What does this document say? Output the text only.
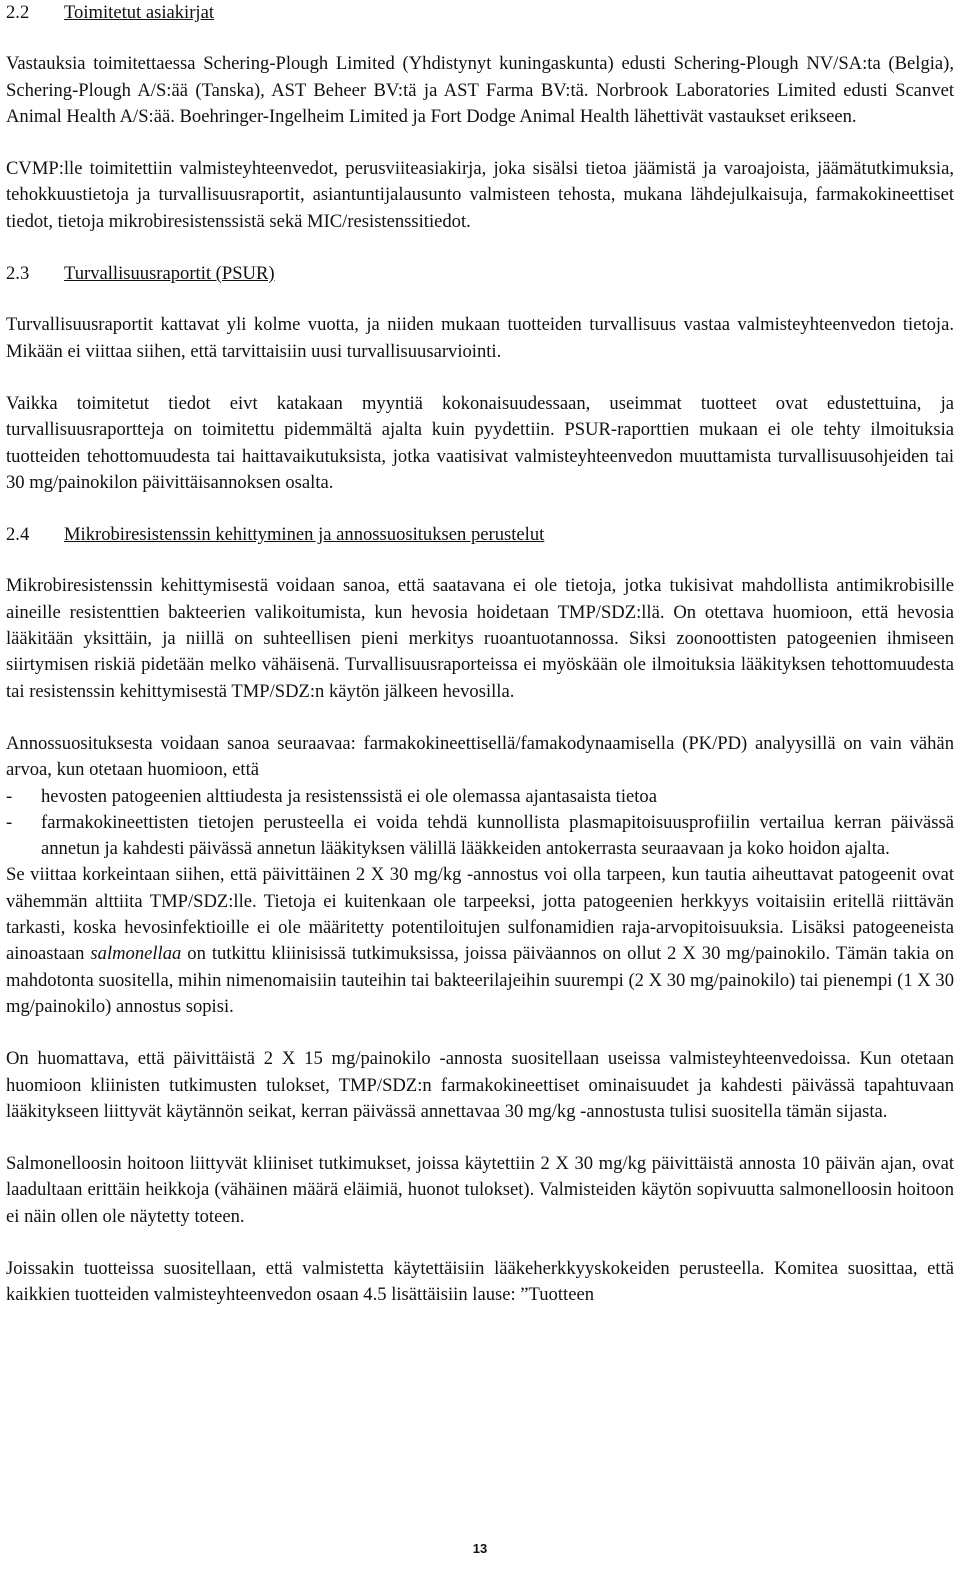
2.2 Toimitetut asiakirjat

Vastauksia toimitettaessa Schering-Plough Limited (Yhdistynyt kuningaskunta) edusti Schering-Plough NV/SA:ta (Belgia), Schering-Plough A/S:ää (Tanska), AST Beheer BV:tä ja AST Farma BV:tä. Norbrook Laboratories Limited edusti Scanvet Animal Health A/S:ää. Boehringer-Ingelheim Limited ja Fort Dodge Animal Health lähettivät vastaukset erikseen.

CVMP:lle toimitettiin valmisteyhteenvedot, perusviiteasiakirja, joka sisälsi tietoa jäämistä ja varoajoista, jäämätutkimuksia, tehokkuustietoja ja turvallisuusraportit, asiantuntijalausunto valmisteen tehosta, mukana lähdejulkaisuja, farmakokineettiset tiedot, tietoja mikrobiresistenssistä sekä MIC/resistenssitiedot.

2.3 Turvallisuusraportit (PSUR)

Turvallisuusraportit kattavat yli kolme vuotta, ja niiden mukaan tuotteiden turvallisuus vastaa valmisteyhteenvedon tietoja. Mikään ei viittaa siihen, että tarvittaisiin uusi turvallisuusarviointi.

Vaikka toimitetut tiedot eivt katakaan myyntiä kokonaisuudessaan, useimmat tuotteet ovat edustettuina, ja turvallisuusraportteja on toimitettu pidemmältä ajalta kuin pyydettiin. PSUR-raporttien mukaan ei ole tehty ilmoituksia tuotteiden tehottomuudesta tai haittavaikutuksista, jotka vaatisivat valmisteyhteenvedon muuttamista turvallisuusohjeiden tai 30 mg/painokilon päivittäisannoksen osalta.

2.4 Mikrobiresistenssin kehittyminen ja annossuosituksen perustelut

Mikrobiresistenssin kehittymisestä voidaan sanoa, että saatavana ei ole tietoja, jotka tukisivat mahdollista antimikrobisille aineille resistenttien bakteerien valikoitumista, kun hevosia hoidetaan TMP/SDZ:llä. On otettava huomioon, että hevosia lääkitään yksittäin, ja niillä on suhteellisen pieni merkitys ruoantuotannossa. Siksi zoonoottisten patogeenien ihmiseen siirtymisen riskiä pidetään melko vähäisenä. Turvallisuusraporteissa ei myöskään ole ilmoituksia lääkityksen tehottomuudesta tai resistenssin kehittymisestä TMP/SDZ:n käytön jälkeen hevosilla.

Annossuosituksesta voidaan sanoa seuraavaa: farmakokineettisellä/famakodynaamisella (PK/PD) analyysillä on vain vähän arvoa, kun otetaan huomioon, että

- hevosten patogeenien alttiudesta ja resistenssistä ei ole olemassa ajantasaista tietoa
- farmakokineettisten tietojen perusteella ei voida tehdä kunnollista plasmapitoisuusprofiilin vertailua kerran päivässä annetun ja kahdesti päivässä annetun lääkityksen välillä lääkkeiden antokerrasta seuraavaan ja koko hoidon ajalta.

Se viittaa korkeintaan siihen, että päivittäinen 2 X 30 mg/kg -annostus voi olla tarpeen, kun tautia aiheuttavat patogeenit ovat vähemmän alttiita TMP/SDZ:lle. Tietoja ei kuitenkaan ole tarpeeksi, jotta patogeenien herkkyys voitaisiin eritellä riittävän tarkasti, koska hevosinfektioille ei ole määritetty potentiloitujen sulfonamidien raja-arvopitoisuuksia. Lisäksi patogeeneista ainoastaan salmonellaa on tutkittu kliinisissä tutkimuksissa, joissa päiväannos on ollut 2 X 30 mg/painokilo. Tämän takia on mahdotonta suositella, mihin nimenomaisiin tauteihin tai bakteerilajeihin suurempi (2 X 30 mg/painokilo) tai pienempi (1 X 30 mg/painokilo) annostus sopisi.

On huomattava, että päivittäistä 2 X 15 mg/painokilo -annosta suositellaan useissa valmisteyhteenvedoissa. Kun otetaan huomioon kliinisten tutkimusten tulokset, TMP/SDZ:n farmakokineettiset ominaisuudet ja kahdesti päivässä tapahtuvaan lääkitykseen liittyvät käytännön seikat, kerran päivässä annettavaa 30 mg/kg -annostusta tulisi suositella tämän sijasta.

Salmonelloosin hoitoon liittyvät kliiniset tutkimukset, joissa käytettiin 2 X 30 mg/kg päivittäistä annosta 10 päivän ajan, ovat laadultaan erittäin heikkoja (vähäinen määrä eläimiä, huonot tulokset). Valmisteiden käytön sopivuutta salmonelloosin hoitoon ei näin ollen ole näytetty toteen.

Joissakin tuotteissa suositellaan, että valmistetta käytettäisiin lääkeherkkyyskokeiden perusteella. Komitea suosittaa, että kaikkien tuotteiden valmisteyhteenvedon osaan 4.5 lisättäisiin lause: ”Tuotteen

13
